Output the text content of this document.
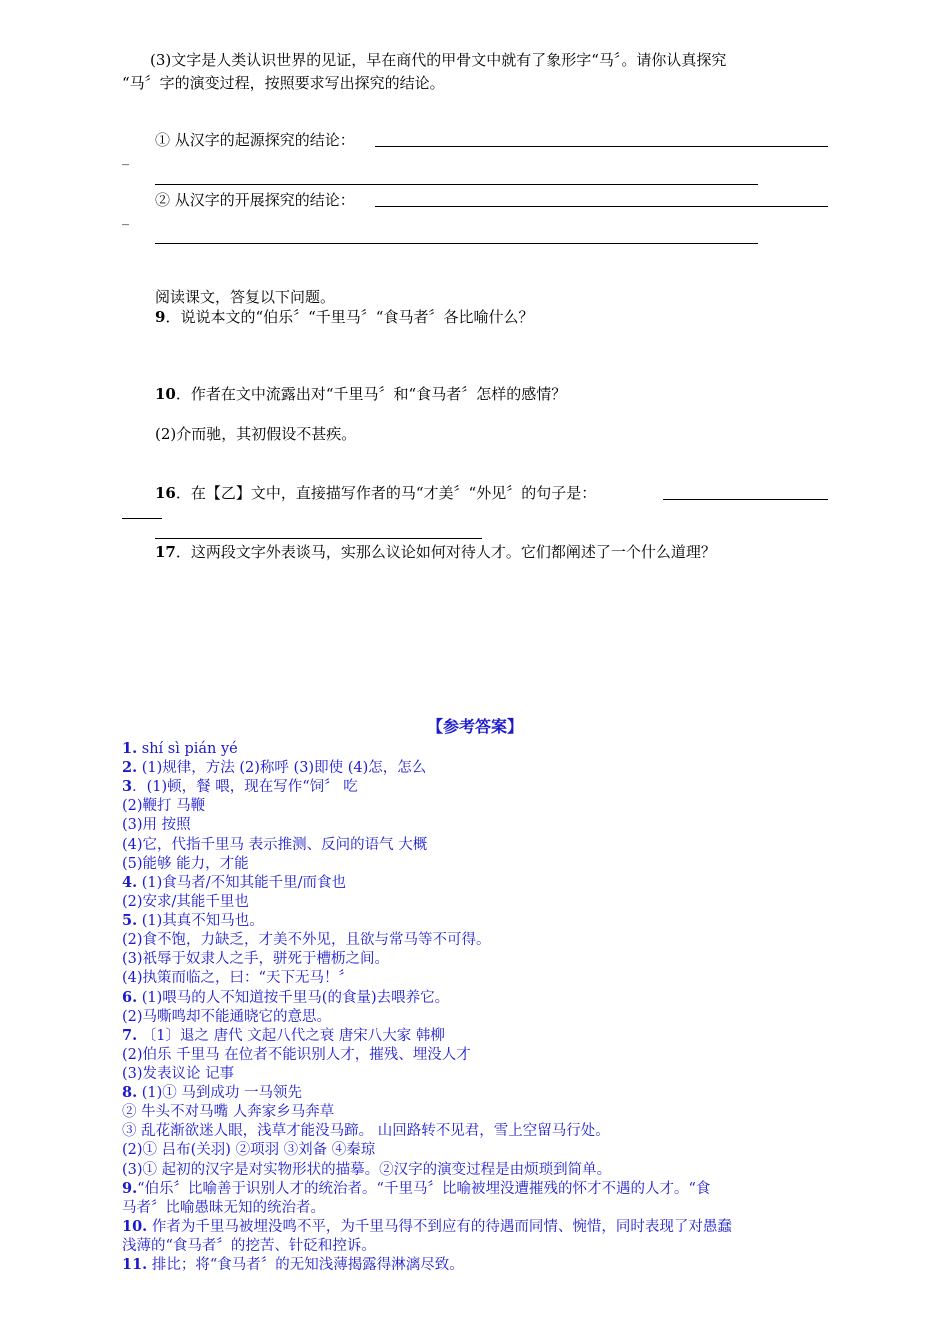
(3)文字是人类认识世界的见证，早在商代的甲骨文中就有了象形字“马〞。请你认真探究
“马〞字的演变过程，按照要求写出探究的结论。
① 从汉字的起源探究的结论：
_
② 从汉字的开展探究的结论：
_
阅读课文，答复以下问题。
9．说说本文的“伯乐〞“千里马〞“食马者〞各比喻什么？
10．作者在文中流露出对“千里马〞和“食马者〞怎样的感情？
(2)介而驰，其初假设不甚疾。
16．在【乙】文中，直接描写作者的马“才美〞“外见〞的句子是：
17．这两段文字外表谈马，实那么议论如何对待人才。它们都阐述了一个什么道理？
【参考答案】
1. shí sì pián yé
2. (1)规律，方法 (2)称呼 (3)即使 (4)怎，怎么
3．(1)顿，餐 喂，现在写作“饲〞 吃
(2)鞭打 马鞭
(3)用 按照
(4)它，代指千里马 表示推测、反问的语气 大概
(5)能够 能力，才能
4. (1)食马者/不知其能千里/而食也
(2)安求/其能千里也
5. (1)其真不知马也。
(2)食不饱，力缺乏，才美不外见，且欲与常马等不可得。
(3)祇辱于奴隶人之手，骈死于槽枥之间。
(4)执策而临之，曰：“天下无马！〞
6. (1)喂马的人不知道按千里马(的食量)去喂养它。
(2)马嘶鸣却不能通晓它的意思。
7. 〔1〕退之 唐代 文起八代之衰 唐宋八大家 韩柳
(2)伯乐 千里马 在位者不能识别人才，摧残、埋没人才
(3)发表议论 记事
8. (1)① 马到成功 一马领先
② 牛头不对马嘴 人奔家乡马奔草
③ 乱花渐欲迷人眼，浅草才能没马蹄。 山回路转不见君，雪上空留马行处。
(2)① 吕布(关羽) ②项羽 ③刘备 ④秦琼
(3)① 起初的汉字是对实物形状的描摹。②汉字的演变过程是由烦琐到简单。
9.“伯乐〞比喻善于识别人才的统治者。“千里马〞比喻被埋没遭摧残的怀才不遇的人才。“食
马者〞比喻愚昧无知的统治者。
10. 作者为千里马被埋没鸣不平，为千里马得不到应有的待遇而同情、惋惜，同时表现了对愚蠢
浅薄的“食马者〞的挖苦、针砭和控诉。
11. 排比；将“食马者〞的无知浅薄揭露得淋漓尽致。
